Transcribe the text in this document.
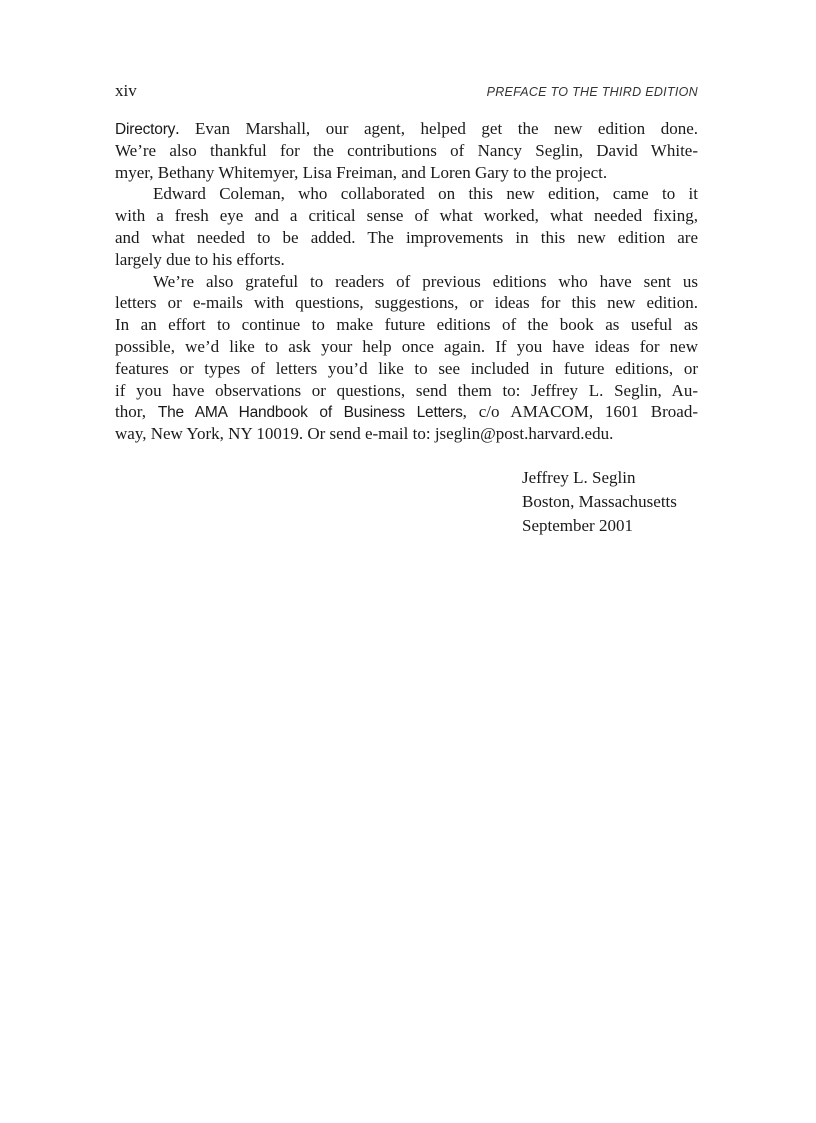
xiv	PREFACE TO THE THIRD EDITION
Directory. Evan Marshall, our agent, helped get the new edition done.
We’re also thankful for the contributions of Nancy Seglin, David White-
myer, Bethany Whitemyer, Lisa Freiman, and Loren Gary to the project.
Edward Coleman, who collaborated on this new edition, came to it
with a fresh eye and a critical sense of what worked, what needed fixing,
and what needed to be added. The improvements in this new edition are
largely due to his efforts.
We’re also grateful to readers of previous editions who have sent us
letters or e-mails with questions, suggestions, or ideas for this new edition.
In an effort to continue to make future editions of the book as useful as
possible, we’d like to ask your help once again. If you have ideas for new
features or types of letters you’d like to see included in future editions, or
if you have observations or questions, send them to: Jeffrey L. Seglin, Au-
thor, The AMA Handbook of Business Letters, c/o AMACOM, 1601 Broad-
way, New York, NY 10019. Or send e-mail to: jseglin@post.harvard.edu.
Jeffrey L. Seglin
Boston, Massachusetts
September 2001
